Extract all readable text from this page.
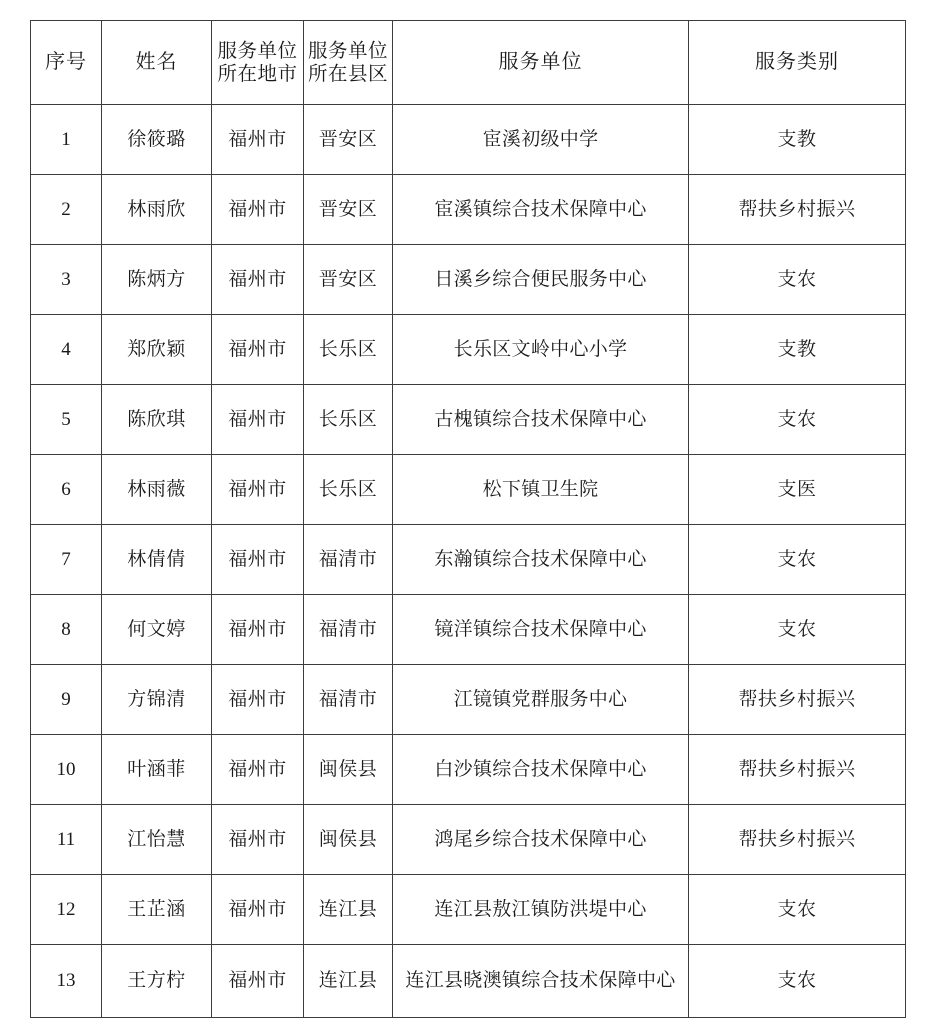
序号	姓名	服务单位所在地市	服务单位所在县区	服务单位	服务类别
1	徐筱璐	福州市	晋安区	宦溪初级中学	支教
2	林雨欣	福州市	晋安区	宦溪镇综合技术保障中心	帮扶乡村振兴
3	陈炳方	福州市	晋安区	日溪乡综合便民服务中心	支农
4	郑欣颖	福州市	长乐区	长乐区文岭中心小学	支教
5	陈欣琪	福州市	长乐区	古槐镇综合技术保障中心	支农
6	林雨薇	福州市	长乐区	松下镇卫生院	支医
7	林倩倩	福州市	福清市	东瀚镇综合技术保障中心	支农
8	何文婷	福州市	福清市	镜洋镇综合技术保障中心	支农
9	方锦清	福州市	福清市	江镜镇党群服务中心	帮扶乡村振兴
10	叶涵菲	福州市	闽侯县	白沙镇综合技术保障中心	帮扶乡村振兴
11	江怡慧	福州市	闽侯县	鸿尾乡综合技术保障中心	帮扶乡村振兴
12	王芷涵	福州市	连江县	连江县敖江镇防洪堤中心	支农
13	王方柠	福州市	连江县	连江县晓澳镇综合技术保障中心	支农
